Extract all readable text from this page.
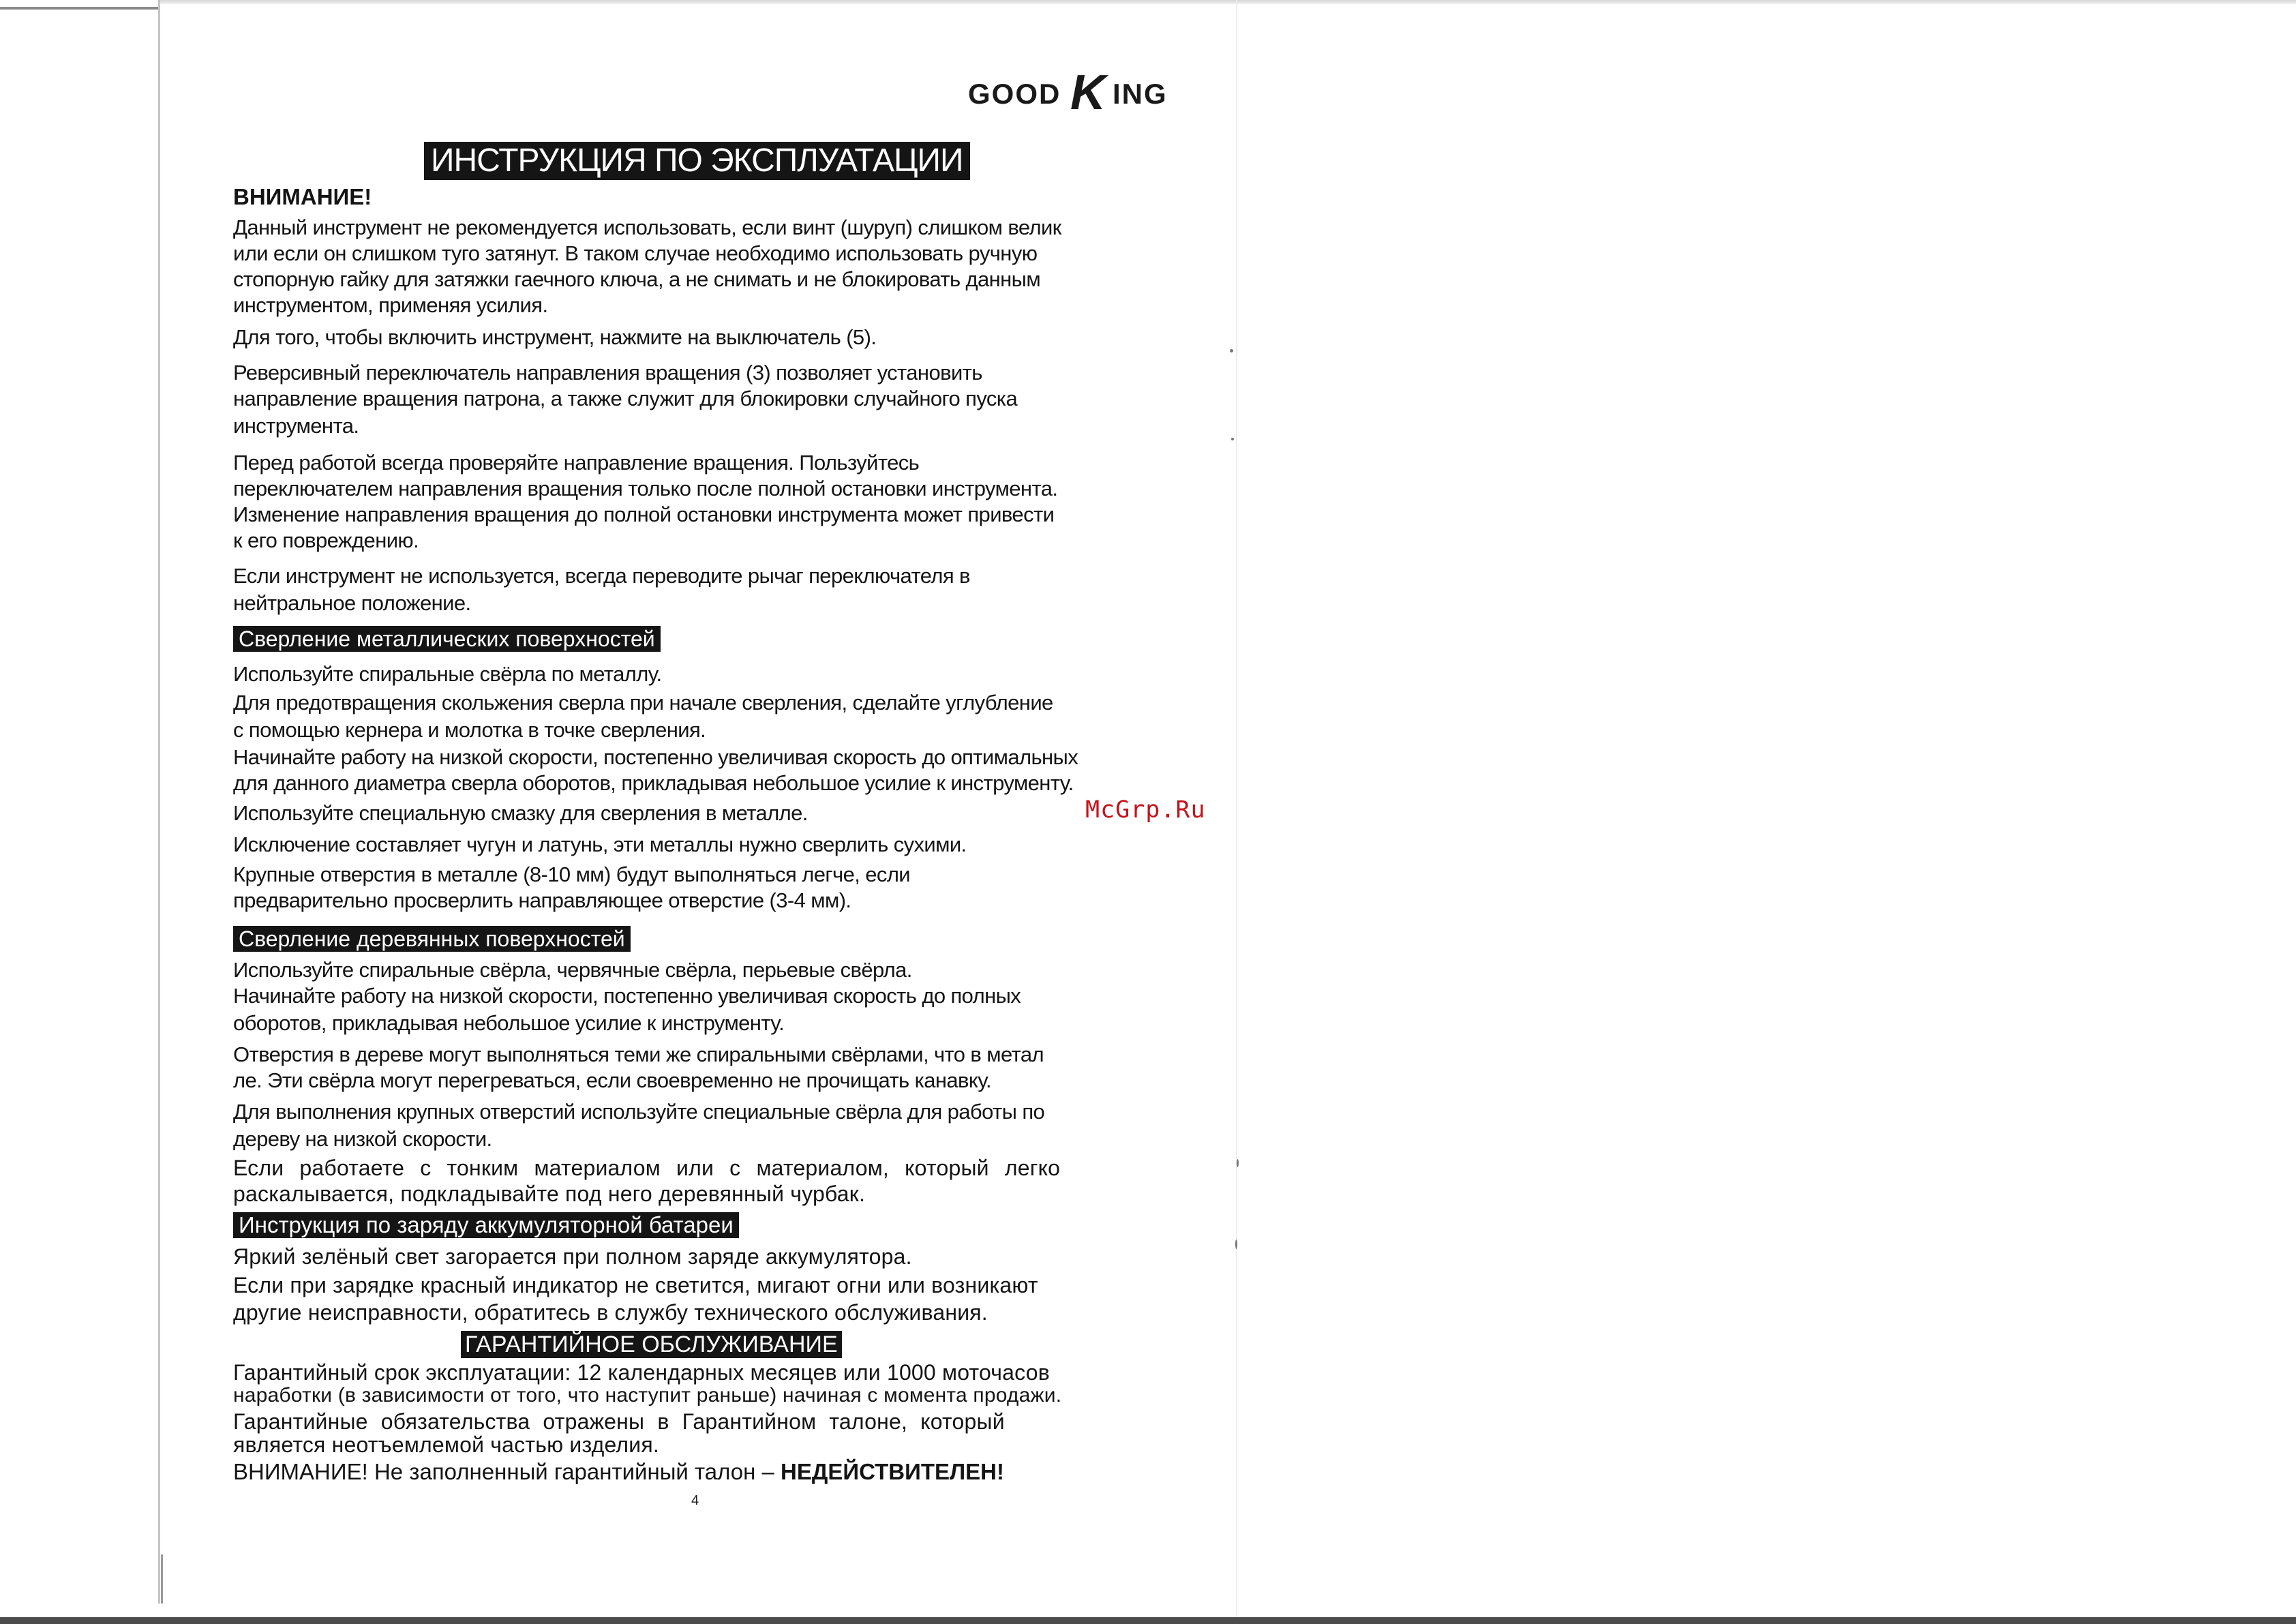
GOOD K ING
ИНСТРУКЦИЯ ПО ЭКСПЛУАТАЦИИ
ВНИМАНИЕ!
Данный инструмент не рекомендуется использовать, если винт (шуруп) слишком велик
или если он слишком туго затянут. В таком случае необходимо использовать ручную
стопорную гайку для затяжки гаечного ключа, а не снимать и не блокировать данным
инструментом, применяя усилия.
Для того, чтобы включить инструмент, нажмите на выключатель (5).
Реверсивный переключатель направления вращения (3) позволяет установить
направление вращения патрона, а также служит для блокировки случайного пуска
инструмента.
Перед работой всегда проверяйте направление вращения. Пользуйтесь
переключателем направления вращения только после полной остановки инструмента.
Изменение направления вращения до полной остановки инструмента может привести
к его повреждению.
Если инструмент не используется, всегда переводите рычаг переключателя в
нейтральное положение.
Сверление металлических поверхностей
Используйте спиральные свёрла по металлу.
Для предотвращения скольжения сверла при начале сверления, сделайте углубление
с помощью кернера и молотка в точке сверления.
Начинайте работу на низкой скорости, постепенно увеличивая скорость до оптимальных
для данного диаметра сверла оборотов, прикладывая небольшое усилие к инструменту.
Используйте специальную смазку для сверления в металле.
Исключение составляет чугун и латунь, эти металлы нужно сверлить сухими.
Крупные отверстия в металле (8-10 мм) будут выполняться легче, если
предварительно просверлить направляющее отверстие (3-4 мм).
Сверление деревянных поверхностей
Используйте спиральные свёрла, червячные свёрла, перьевые свёрла.
Начинайте работу на низкой скорости, постепенно увеличивая скорость до полных
оборотов, прикладывая небольшое усилие к инструменту.
Отверстия в дереве могут выполняться теми же спиральными свёрлами, что в метал
ле. Эти свёрла могут перегреваться, если своевременно не прочищать канавку.
Для выполнения крупных отверстий используйте специальные свёрла для работы по
дереву на низкой скорости.
Если работаете с тонким материалом или с материалом, который легко
раскалывается, подкладывайте под него деревянный чурбак.
Инструкция по заряду аккумуляторной батареи
Яркий зелёный свет загорается при полном заряде аккумулятора.
Если при зарядке красный индикатор не светится, мигают огни или возникают
другие неисправности, обратитесь в службу технического обслуживания.
ГАРАНТИЙНОЕ ОБСЛУЖИВАНИЕ
Гарантийный срок эксплуатации: 12 календарных месяцев или 1000 моточасов
наработки (в зависимости от того, что наступит раньше) начиная с момента продажи.
Гарантийные обязательства отражены в Гарантийном талоне, который
является неотъемлемой частью изделия.
ВНИМАНИЕ! Не заполненный гарантийный талон – НЕДЕЙСТВИТЕЛЕН!
McGrp.Ru
4
